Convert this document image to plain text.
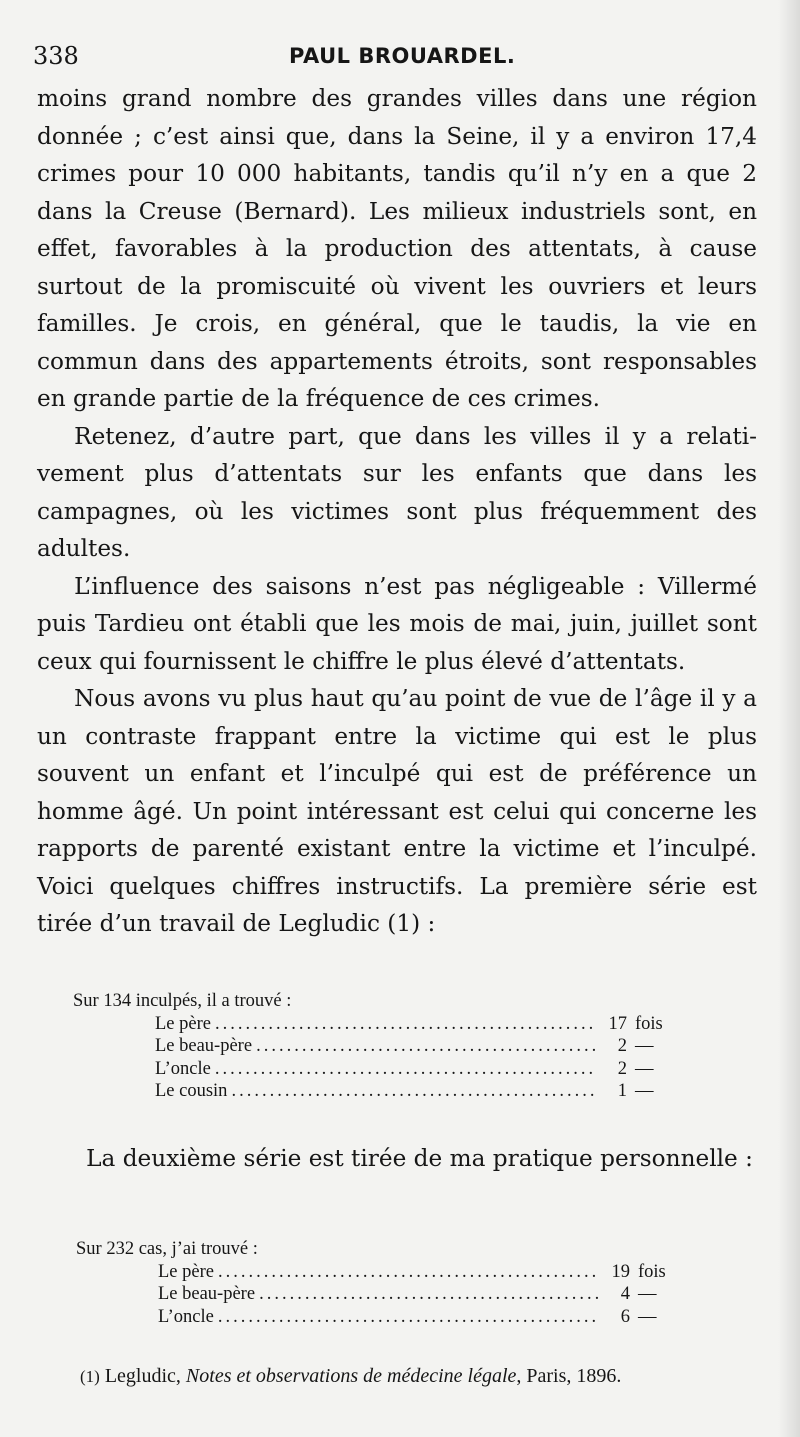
338	PAUL BROUARDEL.

moins grand nombre des grandes villes dans une région donnée ; c’est ainsi que, dans la Seine, il y a environ 17,4 crimes pour 10 000 habitants, tandis qu’il n’y en a que 2 dans la Creuse (Bernard). Les milieux industriels sont, en effet, favorables à la production des attentats, à cause surtout de la promiscuité où vivent les ouvriers et leurs familles. Je crois, en général, que le taudis, la vie en commun dans des appartements étroits, sont responsables en grande partie de la fréquence de ces crimes.

Retenez, d’autre part, que dans les villes il y a relativement plus d’attentats sur les enfants que dans les campagnes, où les victimes sont plus fréquemment des adultes.

L’influence des saisons n’est pas négligeable : Villermé puis Tardieu ont établi que les mois de mai, juin, juillet sont ceux qui fournissent le chiffre le plus élevé d’attentats.

Nous avons vu plus haut qu’au point de vue de l’âge il y a un contraste frappant entre la victime qui est le plus souvent un enfant et l’inculpé qui est de préférence un homme âgé. Un point intéressant est celui qui concerne les rapports de parenté existant entre la victime et l’inculpé. Voici quelques chiffres instructifs. La première série est tirée d’un travail de Legludic (1) :

Sur 134 inculpés, il a trouvé :
Le père .....	17 fois
Le beau-père .....	2 —
L’oncle .....	2 —
Le cousin .....	1 —
La deuxième série est tirée de ma pratique personnelle :
Sur 232 cas, j’ai trouvé :
Le père .....	19 fois
Le beau-père .....	4 —
L’oncle .....	6 —
(1) Legludic, Notes et observations de médecine légale, Paris, 1896.
